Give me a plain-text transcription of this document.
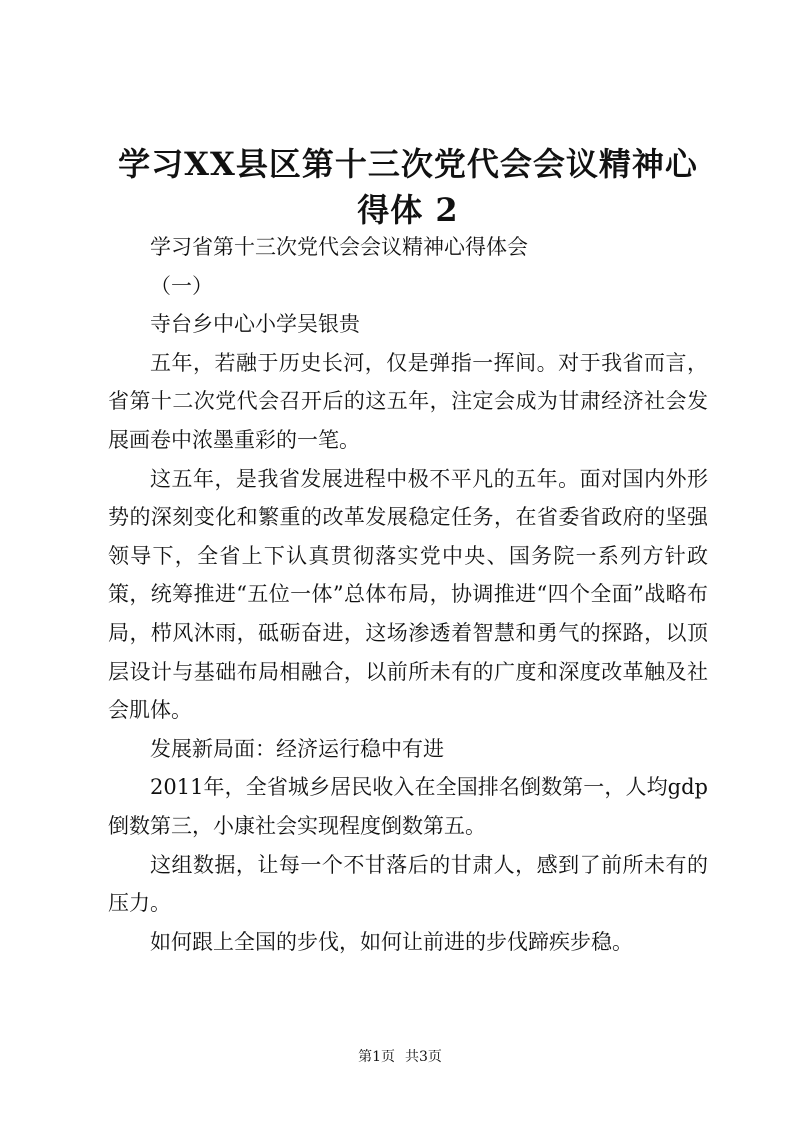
学习XX县区第十三次党代会会议精神心得体 2

学习省第十三次党代会会议精神心得体会

（一）

寺台乡中心小学吴银贵

五年，若融于历史长河，仅是弹指一挥间。对于我省而言，省第十二次党代会召开后的这五年，注定会成为甘肃经济社会发展画卷中浓墨重彩的一笔。

这五年，是我省发展进程中极不平凡的五年。面对国内外形势的深刻变化和繁重的改革发展稳定任务，在省委省政府的坚强领导下，全省上下认真贯彻落实党中央、国务院一系列方针政策，统筹推进“五位一体”总体布局，协调推进“四个全面”战略布局，栉风沐雨，砥砺奋进，这场渗透着智慧和勇气的探路，以顶层设计与基础布局相融合，以前所未有的广度和深度改革触及社会肌体。

发展新局面：经济运行稳中有进

2011年，全省城乡居民收入在全国排名倒数第一，人均gdp倒数第三，小康社会实现程度倒数第五。

这组数据，让每一个不甘落后的甘肃人，感到了前所未有的压力。

如何跟上全国的步伐，如何让前进的步伐蹄疾步稳。

第1页 共3页
